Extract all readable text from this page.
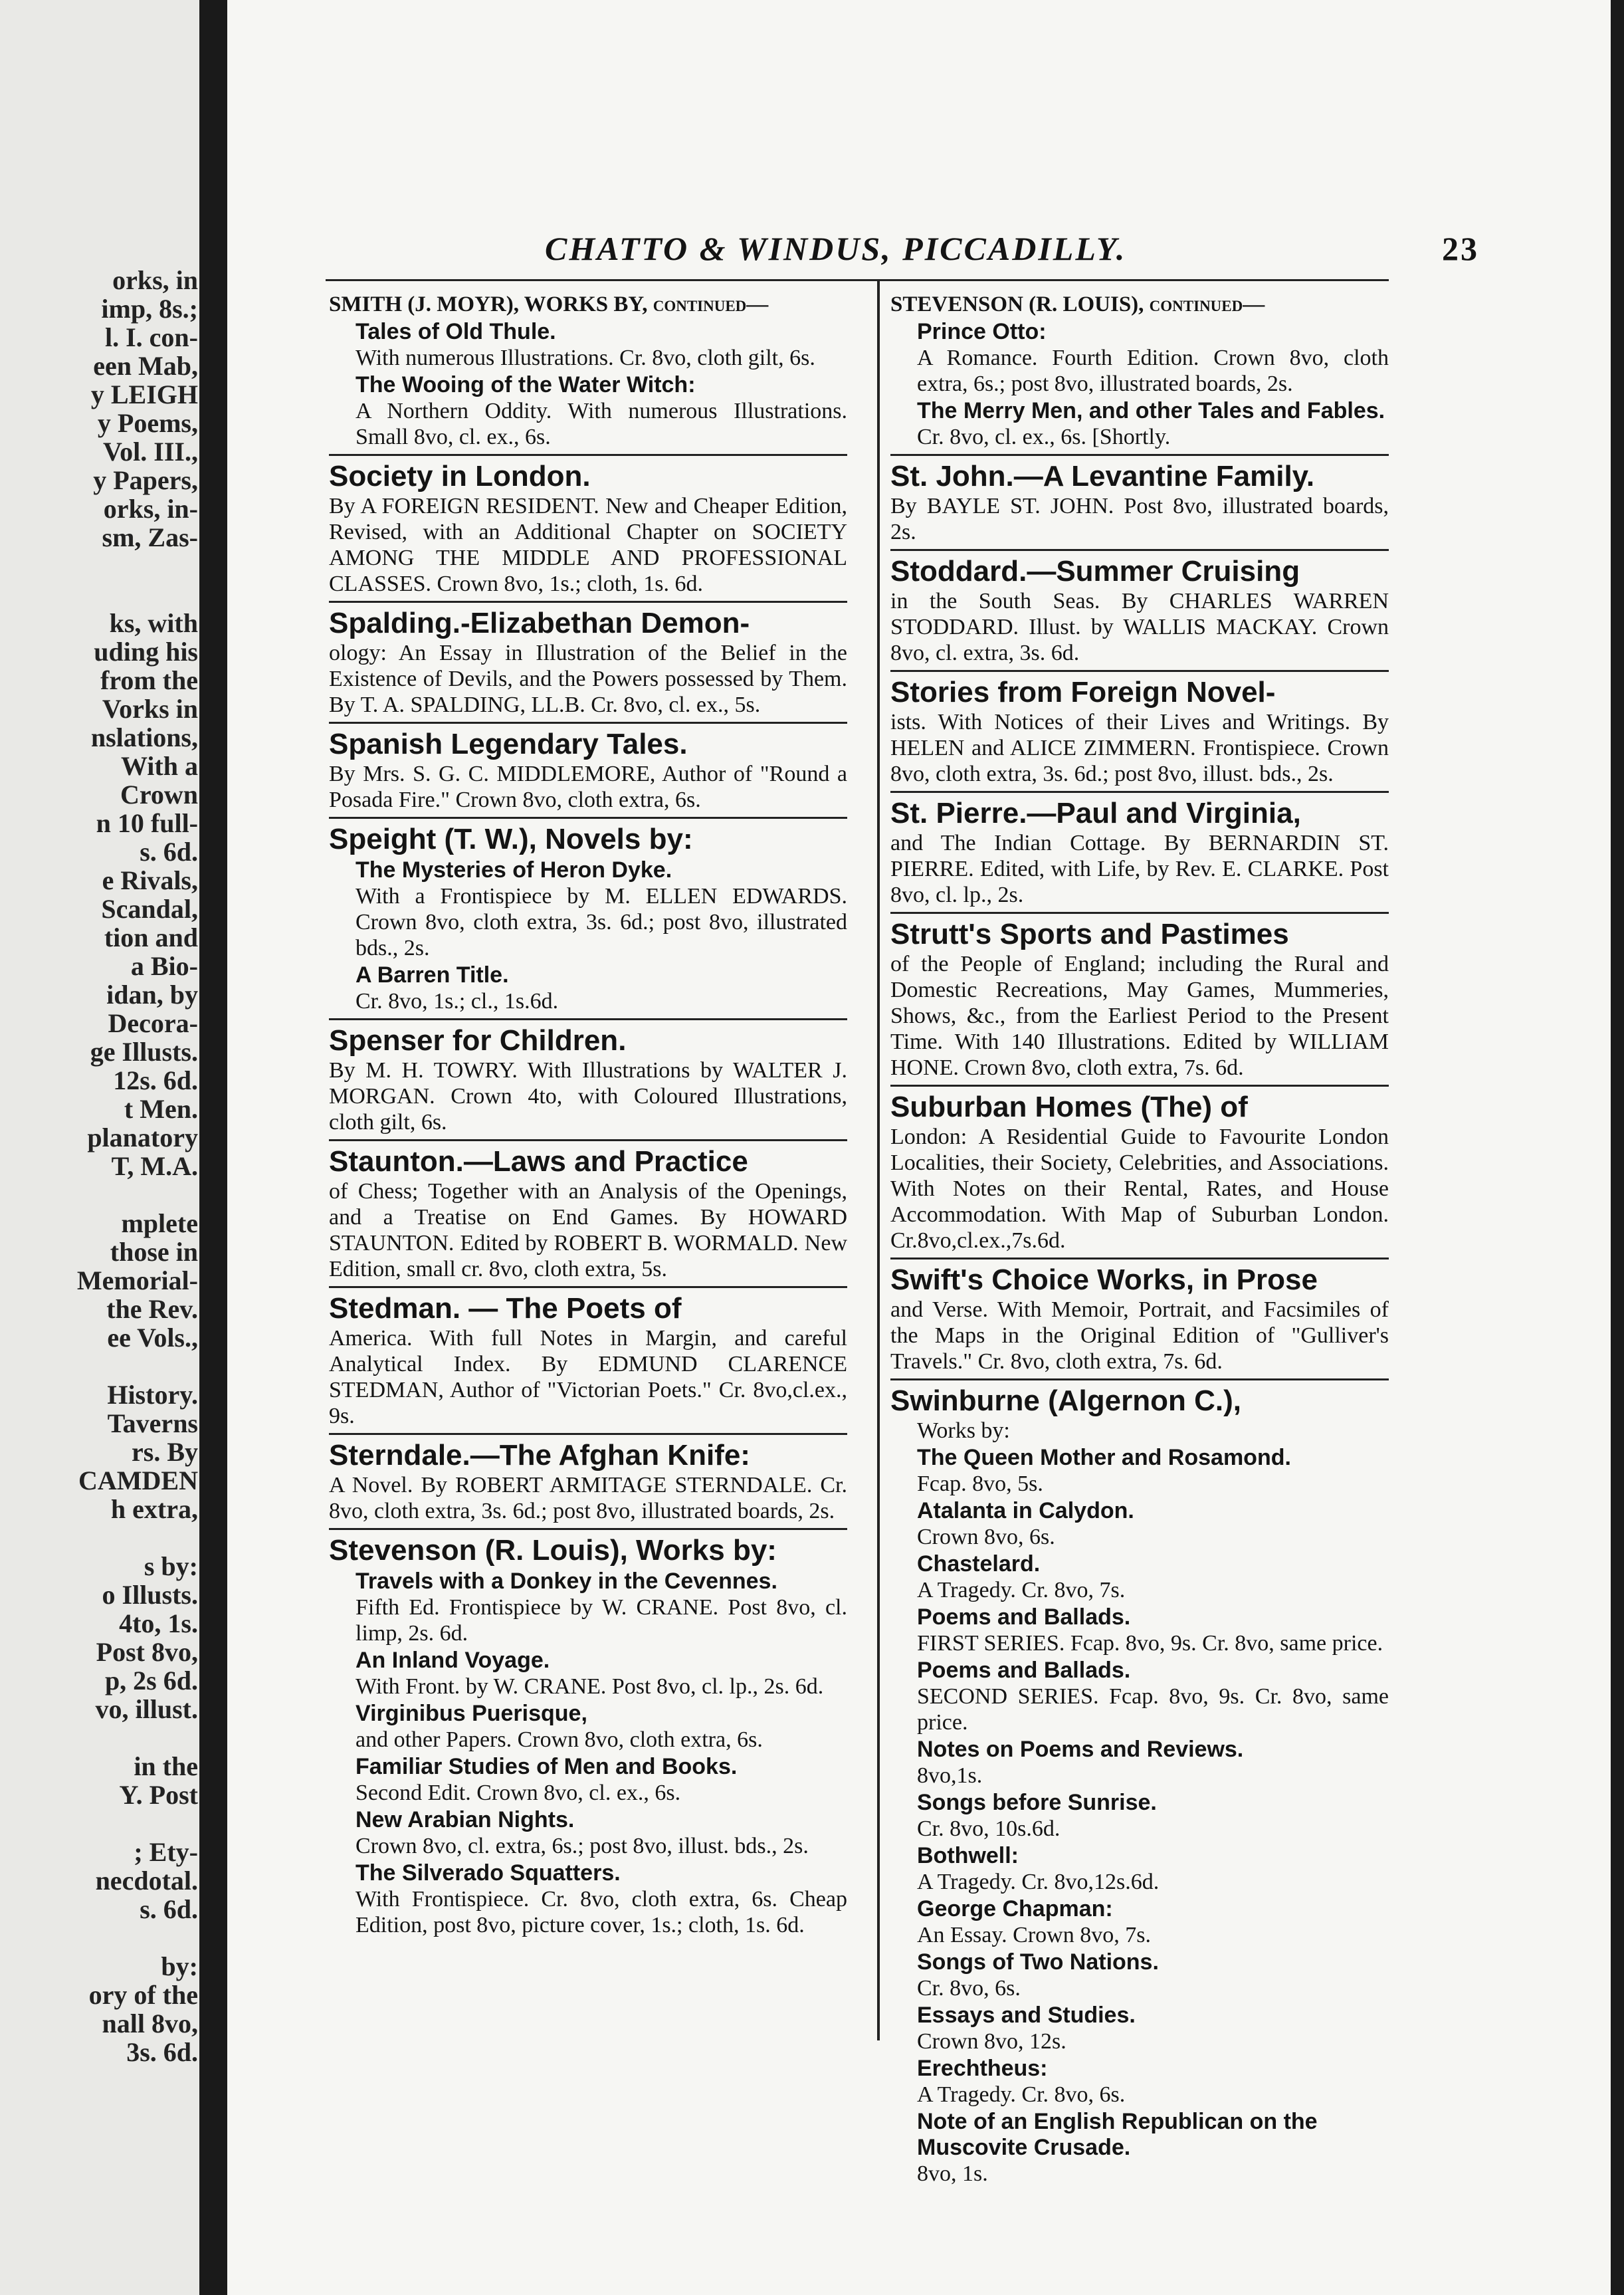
orks, in
imp, 8s.;
l. I. con-
een Mab,
y LEIGH
y Poems,
Vol. III.,
y Papers,
orks, in-
sm, Zas-

ks, with
uding his
from the
Vorks in
nslations,
With a
Crown
n 10 full-
s. 6d.
e Rivals,
Scandal,
tion and
a Bio-
idan, by
Decora-
ge Illusts.
12s. 6d.
t Men.
planatory
T, M.A.

mplete
those in
Memorial-
the Rev.
ee Vols.,

History.
Taverns
rs. By
CAMDEN
h extra,

s by:
o Illusts.
4to, 1s.
Post 8vo,
p, 2s 6d.
vo, illust.

in the
Y. Post

; Ety-
necdotal.
s. 6d.

by:
ory of the
nall 8vo,
3s. 6d.
CHATTO & WINDUS, PICCADILLY.	23
SMITH (J. MOYR), WORKS BY, continued—
Tales of Old Thule.
With numerous Illustrations. Cr. 8vo, cloth gilt, 6s.
The Wooing of the Water Witch:
A Northern Oddity. With numerous Illustrations. Small 8vo, cl. ex., 6s.
Society in London.
By A FOREIGN RESIDENT. New and Cheaper Edition, Revised, with an Additional Chapter on SOCIETY AMONG THE MIDDLE AND PROFESSIONAL CLASSES. Crown 8vo, 1s.; cloth, 1s. 6d.
Spalding.-Elizabethan Demon-
ology: An Essay in Illustration of the Belief in the Existence of Devils, and the Powers possessed by Them. By T. A. SPALDING, LL.B. Cr. 8vo, cl. ex., 5s.
Spanish Legendary Tales.
By Mrs. S. G. C. MIDDLEMORE, Author of "Round a Posada Fire." Crown 8vo, cloth extra, 6s.
Speight (T. W.), Novels by:
The Mysteries of Heron Dyke.
With a Frontispiece by M. ELLEN EDWARDS. Crown 8vo, cloth extra, 3s. 6d.; post 8vo, illustrated bds., 2s.
A Barren Title.
Cr. 8vo, 1s.; cl., 1s.6d.
Spenser for Children.
By M. H. TOWRY. With Illustrations by WALTER J. MORGAN. Crown 4to, with Coloured Illustrations, cloth gilt, 6s.
Staunton.—Laws and Practice
of Chess; Together with an Analysis of the Openings, and a Treatise on End Games. By HOWARD STAUNTON. Edited by ROBERT B. WORMALD. New Edition, small cr. 8vo, cloth extra, 5s.
Stedman. — The Poets of
America. With full Notes in Margin, and careful Analytical Index. By EDMUND CLARENCE STEDMAN, Author of "Victorian Poets." Cr. 8vo,cl.ex., 9s.
Sterndale.—The Afghan Knife:
A Novel. By ROBERT ARMITAGE STERNDALE. Cr. 8vo, cloth extra, 3s. 6d.; post 8vo, illustrated boards, 2s.
Stevenson (R. Louis), Works by:
Travels with a Donkey in the Cevennes.
Fifth Ed. Frontispiece by W. CRANE. Post 8vo, cl. limp, 2s. 6d.
An Inland Voyage.
With Front. by W. CRANE. Post 8vo, cl. lp., 2s. 6d.
Virginibus Puerisque,
and other Papers. Crown 8vo, cloth extra, 6s.
Familiar Studies of Men and Books.
Second Edit. Crown 8vo, cl. ex., 6s.
New Arabian Nights.
Crown 8vo, cl. extra, 6s.; post 8vo, illust. bds., 2s.
The Silverado Squatters.
With Frontispiece. Cr. 8vo, cloth extra, 6s. Cheap Edition, post 8vo, picture cover, 1s.; cloth, 1s. 6d.
STEVENSON (R. LOUIS), continued—
Prince Otto:
A Romance. Fourth Edition. Crown 8vo, cloth extra, 6s.; post 8vo, illustrated boards, 2s.
The Merry Men, and other Tales and Fables.
Cr. 8vo, cl. ex., 6s. [Shortly.
St. John.—A Levantine Family.
By BAYLE ST. JOHN. Post 8vo, illustrated boards, 2s.
Stoddard.—Summer Cruising
in the South Seas. By CHARLES WARREN STODDARD. Illust. by WALLIS MACKAY. Crown 8vo, cl. extra, 3s. 6d.
Stories from Foreign Novel-
ists. With Notices of their Lives and Writings. By HELEN and ALICE ZIMMERN. Frontispiece. Crown 8vo, cloth extra, 3s. 6d.; post 8vo, illust. bds., 2s.
St. Pierre.—Paul and Virginia,
and The Indian Cottage. By BERNARDIN ST. PIERRE. Edited, with Life, by Rev. E. CLARKE. Post 8vo, cl. lp., 2s.
Strutt's Sports and Pastimes
of the People of England; including the Rural and Domestic Recreations, May Games, Mummeries, Shows, &c., from the Earliest Period to the Present Time. With 140 Illustrations. Edited by WILLIAM HONE. Crown 8vo, cloth extra, 7s. 6d.
Suburban Homes (The) of
London: A Residential Guide to Favourite London Localities, their Society, Celebrities, and Associations. With Notes on their Rental, Rates, and House Accommodation. With Map of Suburban London. Cr.8vo,cl.ex.,7s.6d.
Swift's Choice Works, in Prose
and Verse. With Memoir, Portrait, and Facsimiles of the Maps in the Original Edition of "Gulliver's Travels." Cr. 8vo, cloth extra, 7s. 6d.
Swinburne (Algernon C.),
Works by:
The Queen Mother and Rosamond.
Fcap. 8vo, 5s.
Atalanta in Calydon.
Crown 8vo, 6s.
Chastelard.
A Tragedy. Cr. 8vo, 7s.
Poems and Ballads.
FIRST SERIES. Fcap. 8vo, 9s. Cr. 8vo, same price.
Poems and Ballads.
SECOND SERIES. Fcap. 8vo, 9s. Cr. 8vo, same price.
Notes on Poems and Reviews.
8vo,1s.
Songs before Sunrise.
Cr. 8vo, 10s.6d.
Bothwell:
A Tragedy. Cr. 8vo,12s.6d.
George Chapman:
An Essay. Crown 8vo, 7s.
Songs of Two Nations.
Cr. 8vo, 6s.
Essays and Studies.
Crown 8vo, 12s.
Erechtheus:
A Tragedy. Cr. 8vo, 6s.
Note of an English Republican on the Muscovite Crusade.
8vo, 1s.
